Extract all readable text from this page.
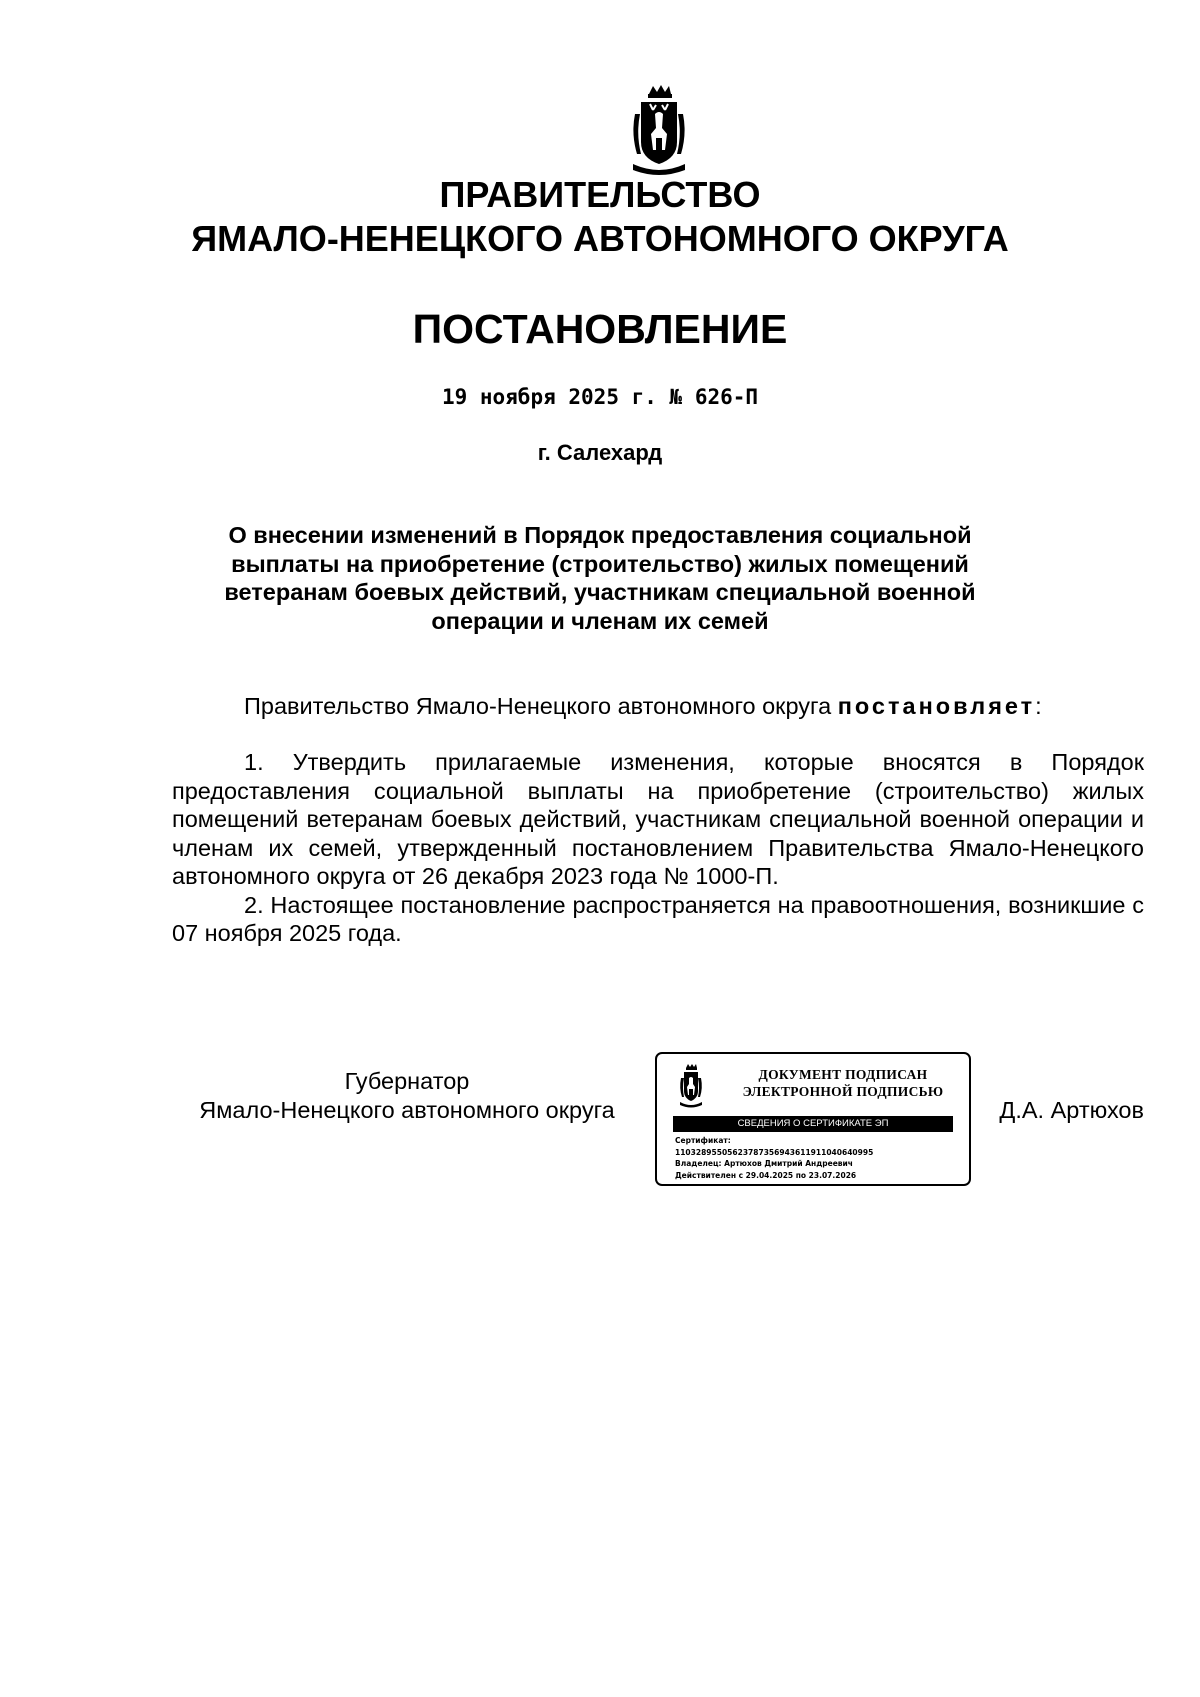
ПРАВИТЕЛЬСТВО
ЯМАЛО-НЕНЕЦКОГО АВТОНОМНОГО ОКРУГА
ПОСТАНОВЛЕНИЕ
19 ноября 2025 г. № 626-П
г. Салехард
О внесении изменений в Порядок предоставления социальной
выплаты на приобретение (строительство) жилых помещений
ветеранам боевых действий, участникам специальной военной
операции и членам их семей
Правительство Ямало-Ненецкого автономного округа постановляет:

1. Утвердить прилагаемые изменения, которые вносятся в Порядок предоставления социальной выплаты на приобретение (строительство) жилых помещений ветеранам боевых действий, участникам специальной военной операции и членам их семей, утвержденный постановлением Правительства Ямало-Ненецкого автономного округа от 26 декабря 2023 года № 1000-П.

2. Настоящее постановление распространяется на правоотношения, возникшие с 07 ноября 2025 года.

Губернатор
Ямало-Ненецкого автономного округа
ДОКУМЕНТ ПОДПИСАН
ЭЛЕКТРОННОЙ ПОДПИСЬЮ
СВЕДЕНИЯ О СЕРТИФИКАТЕ ЭП
Сертификат:
11032895505623787356943611911040640995
Владелец: Артюхов Дмитрий Андреевич
Действителен с 29.04.2025 по 23.07.2026
Д.А. Артюхов
